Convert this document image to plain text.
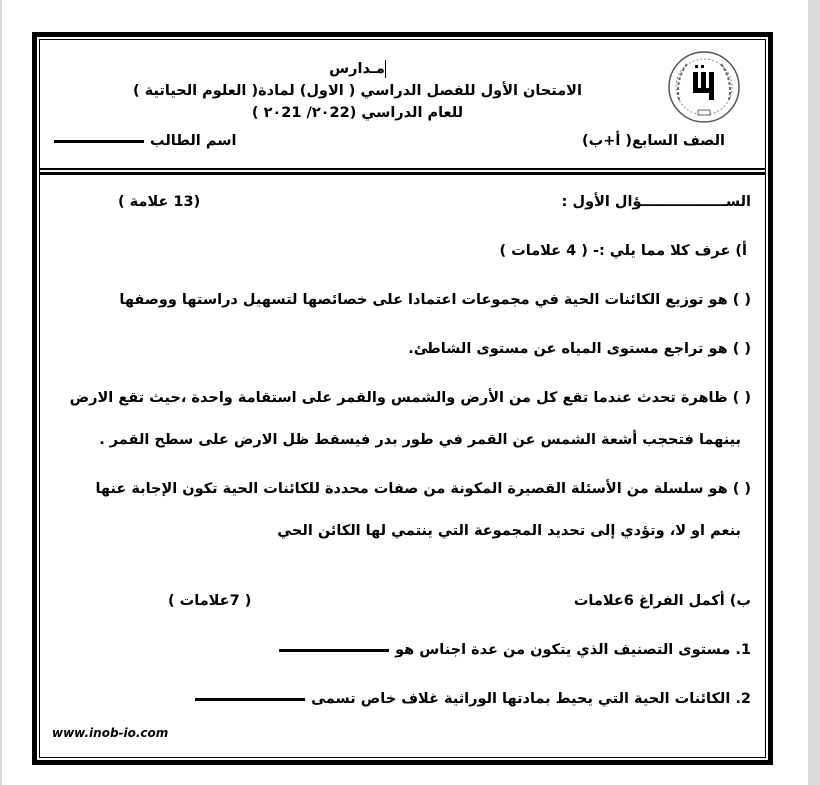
مـدارس
الامتحان الأول للفصل الدراسي ( الاول) لمادة( العلوم الحياتية )
للعام الدراسي (٢٠22/ ٢٠21 )
الصف السابع( أ+ب)
اسم الطالب
الســـــــــــــــــؤال الأول :
(13 علامة )
أ) عرف كلا مما يلي :- ( 4 علامات )
( ) هو توزيع الكائنات الحية في مجموعات اعتمادا على خصائصها لتسهيل دراستها ووصفها
( ) هو تراجع مستوى المياه عن مستوى الشاطئ.
( ) ظاهرة تحدث عندما تقع كل من الأرض والشمس والقمر على استقامة واحدة ،حيث تقع الارض
بينهما فتحجب أشعة الشمس عن القمر في طور بدر فيسقط ظل الارض على سطح القمر .
( ) هو سلسلة من الأسئلة القصيرة المكونة من صفات محددة للكائنات الحية تكون الإجابة عنها
بنعم او لا، وتؤدي إلى تحديد المجموعة التي ينتمي لها الكائن الحي
ب) أكمل الفراغ 6علامات
( 7علامات )
1. مستوى التصنيف الذي يتكون من عدة اجناس هو
2. الكائنات الحية التي يحيط بمادتها الوراثية غلاف خاص تسمى
www.inob-io.com
